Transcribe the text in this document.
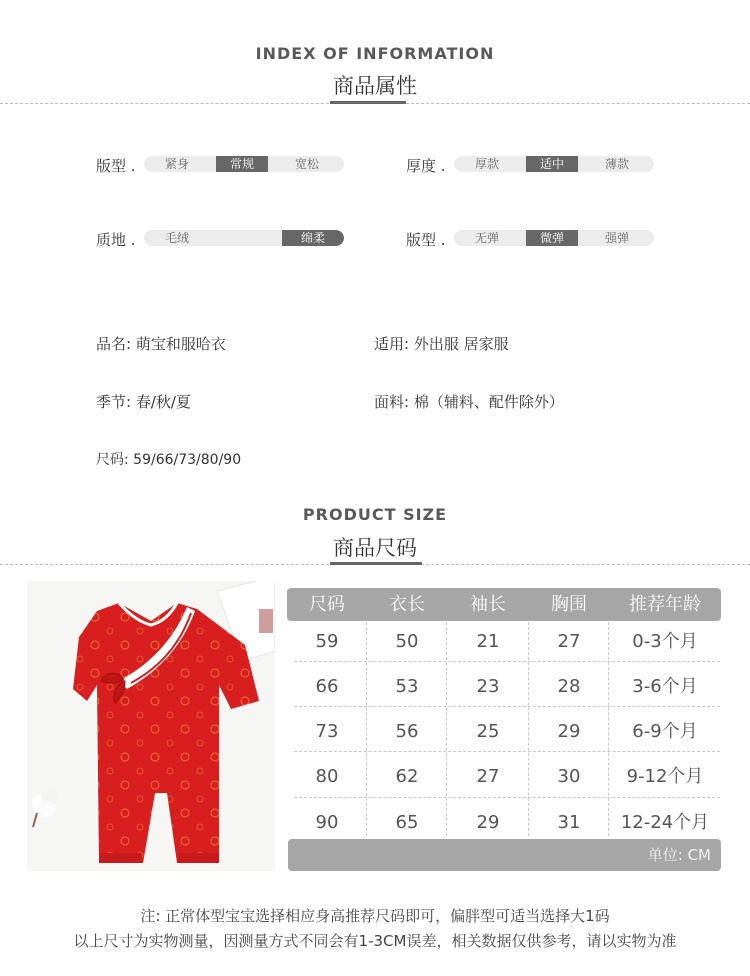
INDEX OF INFORMATION
商品属性
版型 .	紧身	常规	宽松	厚度 .	厚款	适中	薄款
质地 .	毛绒	绵柔	版型 .	无弹	微弹	强弹
品名: 萌宝和服哈衣	适用: 外出服 居家服
季节: 春/秋/夏	面料: 棉（辅料、配件除外）
尺码: 59/66/73/80/90
PRODUCT SIZE
商品尺码
尺码	衣长	袖长	胸围	推荐年龄
59	50	21	27	0-3个月
66	53	23	28	3-6个月
73	56	25	29	6-9个月
80	62	27	30	9-12个月
90	65	29	31	12-24个月
单位: CM
注: 正常体型宝宝选择相应身高推荐尺码即可，偏胖型可适当选择大1码
以上尺寸为实物测量，因测量方式不同会有1-3CM误差，相关数据仅供参考，请以实物为准
